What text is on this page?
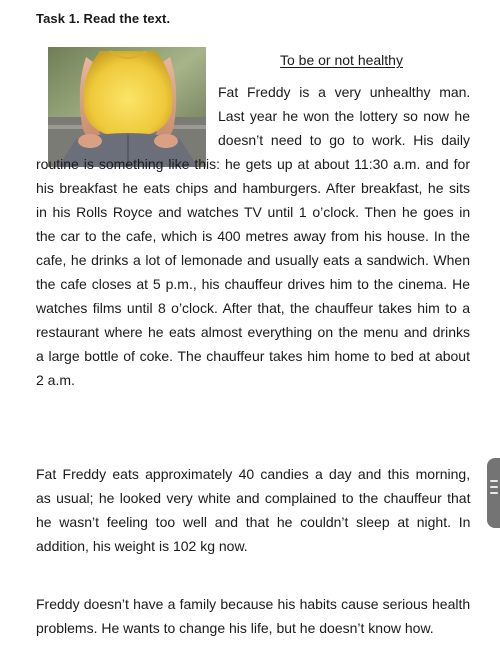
Task 1. Read the text.
To be or not healthy
Fat Freddy is a very unhealthy man.
Last year he won the lottery so now he
doesn’t need to go to work. His daily
routine is something like this: he gets up at about 11:30 a.m. and for
his breakfast he eats chips and hamburgers. After breakfast, he sits
in his Rolls Royce and watches TV until 1 o’clock. Then he goes in
the car to the cafe, which is 400 metres away from his house. In the
cafe, he drinks a lot of lemonade and usually eats a sandwich. When
the cafe closes at 5 p.m., his chauffeur drives him to the cinema. He
watches films until 8 o’clock. After that, the chauffeur takes him to a
restaurant where he eats almost everything on the menu and drinks
a large bottle of coke. The chauffeur takes him home to bed at about
2 a.m.
Fat Freddy eats approximately 40 candies a day and this morning,
as usual; he looked very white and complained to the chauffeur that
he wasn’t feeling too well and that he couldn’t sleep at night. In
addition, his weight is 102 kg now.
Freddy doesn’t have a family because his habits cause serious health
problems. He wants to change his life, but he doesn’t know how.
